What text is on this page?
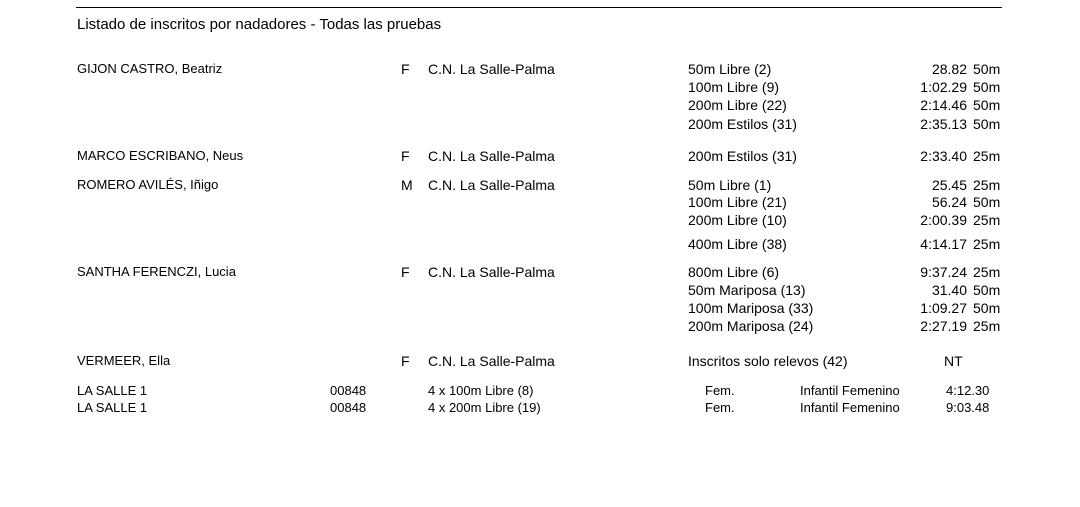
Listado de inscritos por nadadores - Todas las pruebas
GIJON CASTRO, Beatriz	F C.N. La Salle-Palma	50m Libre (2)	28.82 50m
100m Libre (9)	1:02.29 50m
200m Libre (22)	2:14.46 50m
200m Estilos (31)	2:35.13 50m
MARCO ESCRIBANO, Neus	F C.N. La Salle-Palma	200m Estilos (31)	2:33.40 25m
ROMERO AVILÉS, Iñigo	M C.N. La Salle-Palma	50m Libre (1)	25.45 25m
100m Libre (21)	56.24 50m
200m Libre (10)	2:00.39 25m
400m Libre (38)	4:14.17 25m
SANTHA FERENCZI, Lucia	F C.N. La Salle-Palma	800m Libre (6)	9:37.24 25m
50m Mariposa (13)	31.40 50m
100m Mariposa (33)	1:09.27 50m
200m Mariposa (24)	2:27.19 25m
VERMEER, Ella	F C.N. La Salle-Palma	Inscritos solo relevos (42)	NT
LA SALLE 1	00848	4 x 100m Libre (8)	Fem.	Infantil Femenino	4:12.30
LA SALLE 1	00848	4 x 200m Libre (19)	Fem.	Infantil Femenino	9:03.48
